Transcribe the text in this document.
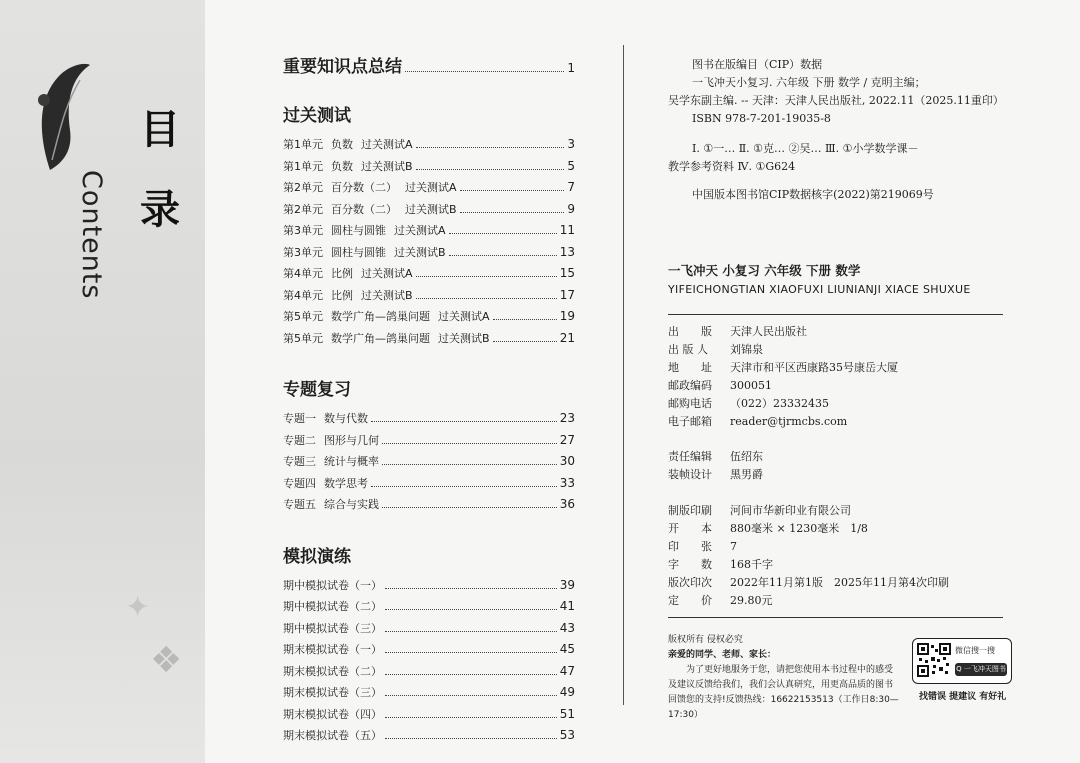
✦
❖
目
录
Contents
重要知识点总结	1
过关测试
第1单元 负数 过关测试A	3
第1单元 负数 过关测试B	5
第2单元 百分数（二） 过关测试A	7
第2单元 百分数（二） 过关测试B	9
第3单元 圆柱与圆锥 过关测试A	11
第3单元 圆柱与圆锥 过关测试B	13
第4单元 比例 过关测试A	15
第4单元 比例 过关测试B	17
第5单元 数学广角—鸽巢问题 过关测试A	19
第5单元 数学广角—鸽巢问题 过关测试B	21
专题复习
专题一 数与代数	23
专题二 图形与几何	27
专题三 统计与概率	30
专题四 数学思考	33
专题五 综合与实践	36
模拟演练
期中模拟试卷（一）	39
期中模拟试卷（二）	41
期中模拟试卷（三）	43
期末模拟试卷（一）	45
期末模拟试卷（二）	47
期末模拟试卷（三）	49
期末模拟试卷（四）	51
期末模拟试卷（五）	53

图书在版编目（CIP）数据

一飞冲天小复习. 六年级 下册 数学 / 克明主编；

吴学东副主编. -- 天津：天津人民出版社, 2022.11（2025.11重印）

ISBN 978-7-201-19035-8

Ⅰ. ①一… Ⅱ. ①克… ②吴… Ⅲ. ①小学数学课－

教学参考资料 Ⅳ. ①G624

中国版本图书馆CIP数据核字(2022)第219069号

一飞冲天 小复习 六年级 下册 数学
YIFEICHONGTIAN XIAOFUXI LIUNIANJI XIACE SHUXUE
出　　版	天津人民出版社
出 版 人	刘锦泉
地　　址	天津市和平区西康路35号康岳大厦
邮政编码	300051
邮购电话	（022）23332435
电子邮箱	reader@tjrmcbs.com
责任编辑	伍绍东
装帧设计	黑男爵
制版印刷	河间市华新印业有限公司
开　　本	880毫米 × 1230毫米　1/8
印　　张	7
字　　数	168千字
版次印次	2022年11月第1版　2025年11月第4次印刷
定　　价	29.80元

版权所有 侵权必究

亲爱的同学、老师、家长：

为了更好地服务于您，请把您使用本书过程中的感受

及建议反馈给我们，我们会认真研究，用更高品质的图书

回馈您的支持!反馈热线：16622153513（工作日8:30—17:30）

微信搜一搜
Q 一飞冲天图书
找错误 提建议 有好礼
